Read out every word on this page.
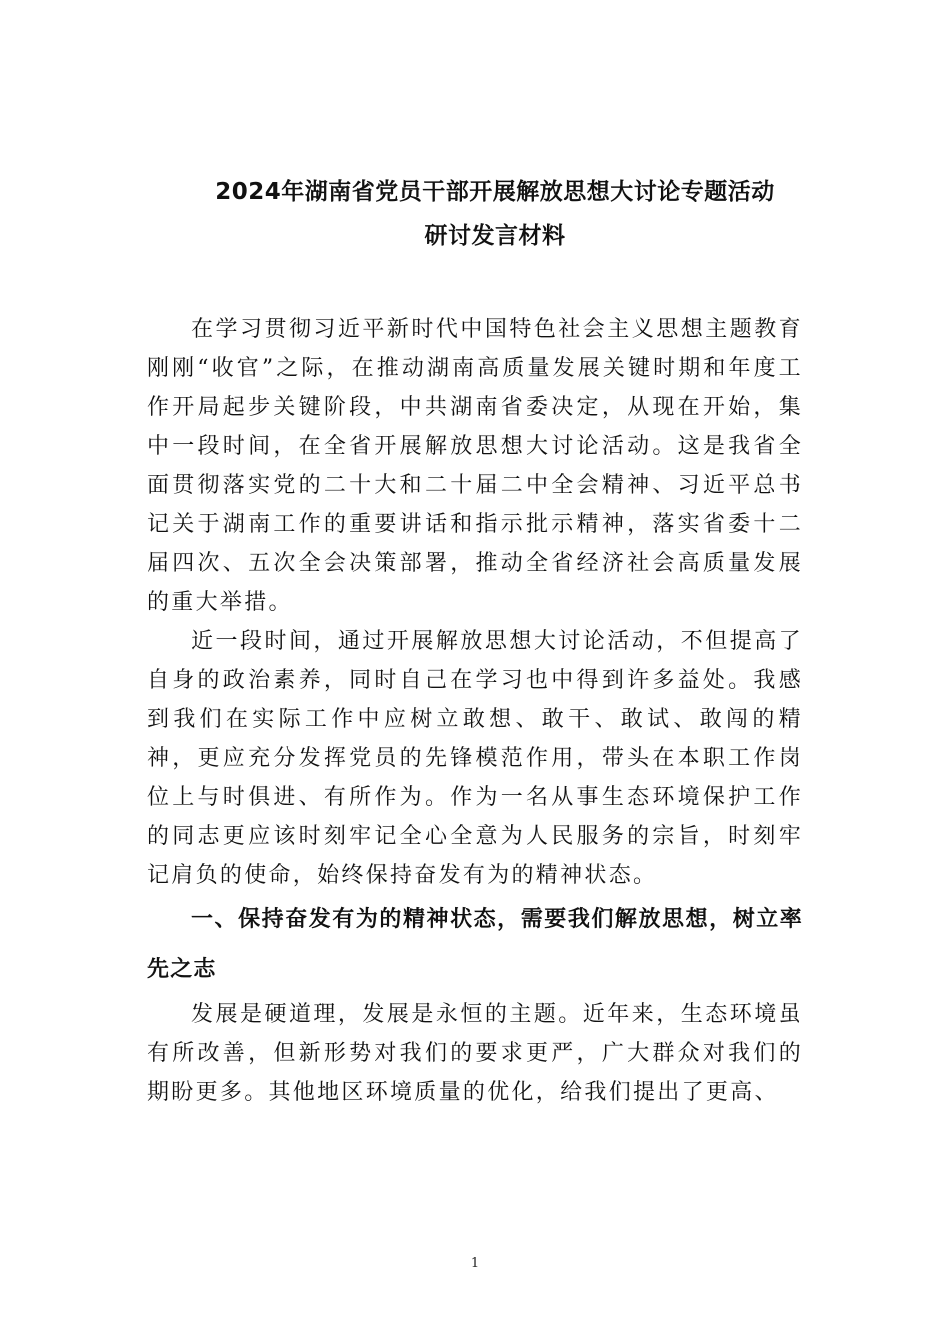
2024年湖南省党员干部开展解放思想大讨论专题活动
研讨发言材料

在学习贯彻习近平新时代中国特色社会主义思想主题教育刚刚“收官”之际，在推动湖南高质量发展关键时期和年度工作开局起步关键阶段，中共湖南省委决定，从现在开始，集中一段时间，在全省开展解放思想大讨论活动。这是我省全面贯彻落实党的二十大和二十届二中全会精神、习近平总书记关于湖南工作的重要讲话和指示批示精神，落实省委十二届四次、五次全会决策部署，推动全省经济社会高质量发展的重大举措。

近一段时间，通过开展解放思想大讨论活动，不但提高了自身的政治素养，同时自己在学习也中得到许多益处。我感到我们在实际工作中应树立敢想、敢干、敢试、敢闯的精神，更应充分发挥党员的先锋模范作用，带头在本职工作岗位上与时俱进、有所作为。作为一名从事生态环境保护工作的同志更应该时刻牢记全心全意为人民服务的宗旨，时刻牢记肩负的使命，始终保持奋发有为的精神状态。

一、保持奋发有为的精神状态，需要我们解放思想，树立率先之志

发展是硬道理，发展是永恒的主题。近年来，生态环境虽有所改善，但新形势对我们的要求更严，广大群众对我们的期盼更多。其他地区环境质量的优化，给我们提出了更高、

1
